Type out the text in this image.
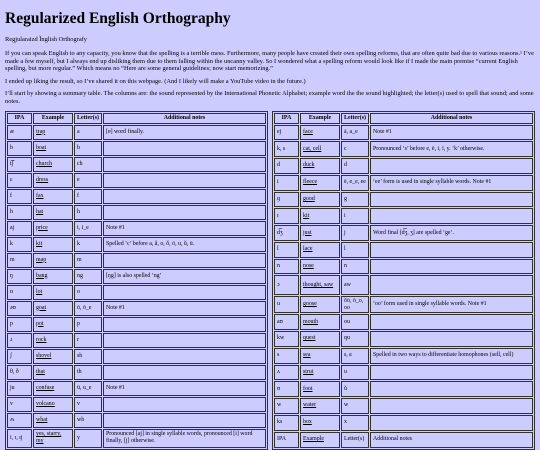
Regularized English Orthography
Regjularaizd Ĭnglish Orthografy

If you can speak English to any capacity, you know that the spelling is a terrible mess. Furthermore, many people have created their own spelling reforms, that are often quite bad due to various reasons.¹ I’ve made a few myself, but I always end up disliking them due to them falling within the uncanny valley. So I wondered what a spelling reform would look like if I made the main premise “current English spelling, but more regular.” Which means no “Here are some general guidelines; now start memorizing.”

I ended up liking the result, so I’ve shared it on this webpage. (And I likely will make a YouTube video in the future.)

I’ll start by showing a summary table. The columns are: the sound represented by the International Phonetic Alphabet; example word the the sound highlighted; the letter(s) used to spell that sound; and some notes.

IPA	Example	Letter(s)	Additional notes
æ	trap	a	[ɐ] word finally.
b	boat	b	
t͡ʃ	church	ch	
ɛ	dress	e	
f	fax	f	
h	hat	h	
aj	price	i, i_e	Note #1
k	kit	k	Spelled ‘c’ before a, ă, o, ŏ, ō, u, ŭ, ū.
m	map	m	
ŋ	bang	ng	[ŋg] is also spelled ‘ng’
ɒ	lot	o	
əʊ	goat	ō, ō_e	Note #1
p	pot	p	
ɹ	rock	r	
ʃ	shovel	sh	
θ, ð	that	th	
ju	confuse	ū, u_e	Note #1
v	volcano	v	
ʍ	what	wh	
i, ɪ, ɪj	yes, starry, my	y	Pronounced [aj] in single syllable words, pronounced [i] word finally, [j] otherwise.
IPA	Example	Letter(s)	Additional notes
ej	face	ā, a_e	Note #1
k, s	cat, cell	c	Pronounced ‘s’ before e, ē, i, ī, y. ‘k’ otherwise.
d	duck	d	
i	fleece	ē, e_e, ee	‘ee’ form is used in single syllable words. Note #1
ɡ	good	g	
ɪ	kit	i	
d͡ʒ	just	j	Word final [d͡ʒ, ʒ] are spelled ‘ge’.
l	lace	l	
n	nose	n	
ɔ	thought, saw	aw	
u	goose	ŏō, ō_o, oo	‘oo’ form used in single syllable words. Note #1
aʊ	mouth	ou	
kw	quest	qu	
s	sea	s, ɕ	Spelled in two ways to differentiate homophones (sell, cell)
ʌ	strut	u	
ʊ	foot	ŭ	
w	water	w	
ks	box	x	
IPA	Example	Letter(s)	Additional notes
